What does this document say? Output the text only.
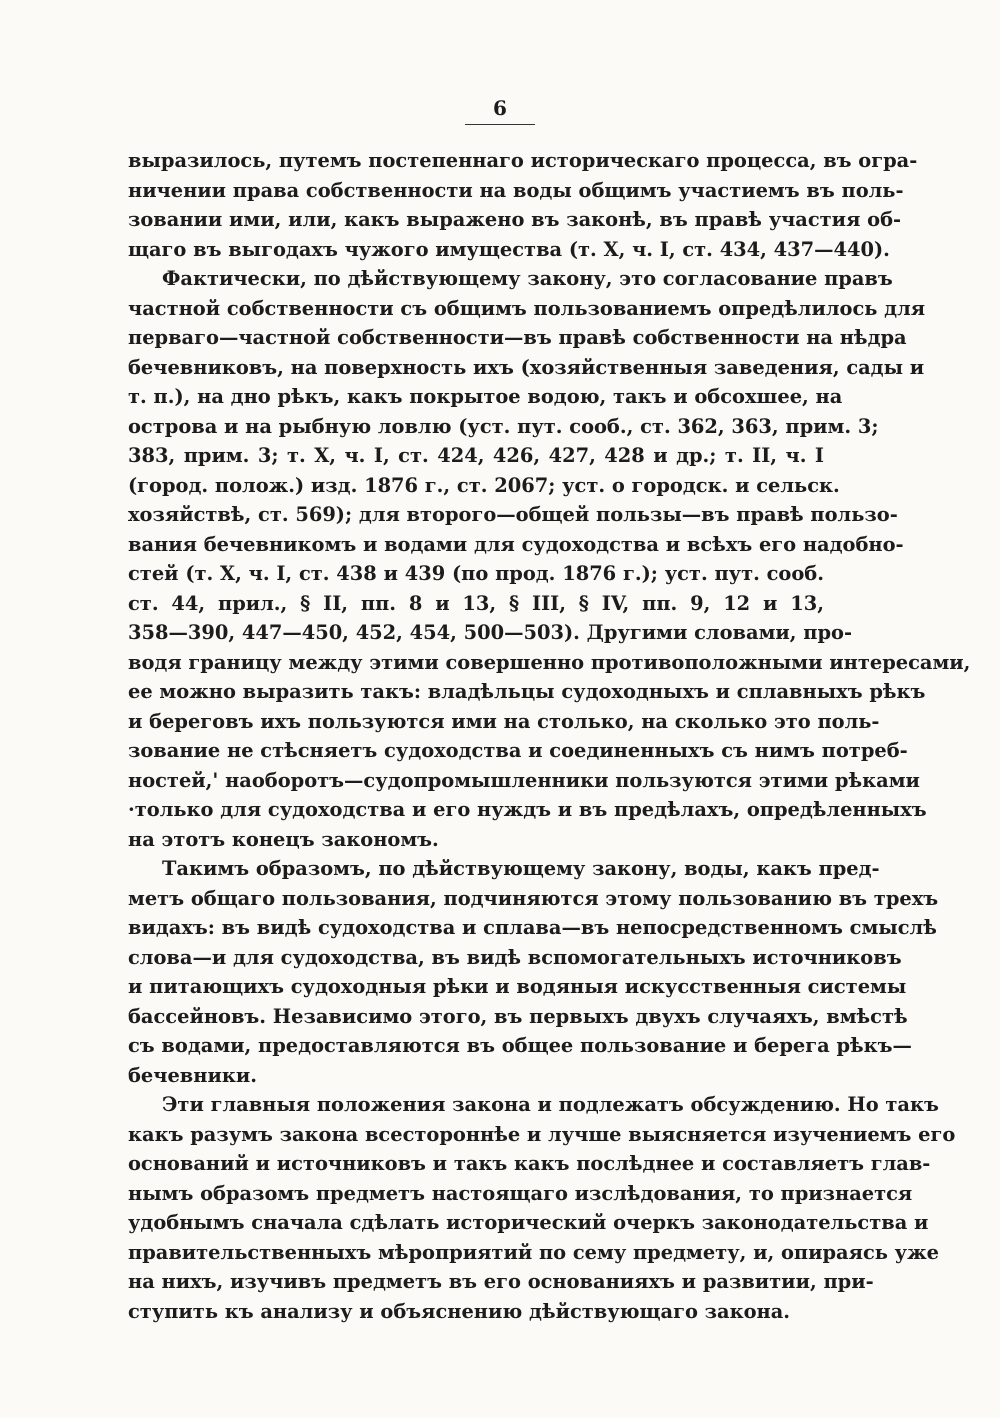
6
выразилось, путемъ постепеннаго историческаго процесса, въ огра-
ничении права собственности на воды общимъ участиемъ въ поль-
зовании ими, или, какъ выражено въ законѣ, въ правѣ участия об-
щаго въ выгодахъ чужого имущества (т. X, ч. I, ст. 434, 437—440).
Фактически, по дѣйствующему закону, это согласование правъ
частной собственности съ общимъ пользованиемъ опредѣлилось для
перваго—частной собственности—въ правѣ собственности на нѣдра
бечевниковъ, на поверхность ихъ (хозяйственныя заведения, сады и
т. п.), на дно рѣкъ, какъ покрытое водою, такъ и обсохшее, на
острова и на рыбную ловлю (уст. пут. сооб., ст. 362, 363, прим. 3;
383, прим. 3; т. X, ч. I, ст. 424, 426, 427, 428 и др.; т. II, ч. I
(город. полож.) изд. 1876 г., ст. 2067; уст. о городск. и сельск.
хозяйствѣ, ст. 569); для второго—общей пользы—въ правѣ пользо-
вания бечевникомъ и водами для судоходства и всѣхъ его надобно-
стей (т. X, ч. I, ст. 438 и 439 (по прод. 1876 г.); уст. пут. сооб.
ст. 44, прил., § II, пп. 8 и 13, § III, § IV, пп. 9, 12 и 13,
358—390, 447—450, 452, 454, 500—503). Другими словами, про-
водя границу между этими совершенно противоположными интересами,
ее можно выразить такъ: владѣльцы судоходныхъ и сплавныхъ рѣкъ
и береговъ ихъ пользуются ими на столько, на сколько это поль-
зование не стѣсняетъ судоходства и соединенныхъ съ нимъ потреб-
ностей,' наоборотъ—судопромышленники пользуются этими рѣками
·только для судоходства и его нуждъ и въ предѣлахъ, опредѣленныхъ
на этотъ конецъ закономъ.
Такимъ образомъ, по дѣйствующему закону, воды, какъ пред-
метъ общаго пользования, подчиняются этому пользованию въ трехъ
видахъ: въ видѣ судоходства и сплава—въ непосредственномъ смыслѣ
слова—и для судоходства, въ видѣ вспомогательныхъ источниковъ
и питающихъ судоходныя рѣки и водяныя искусственныя системы
бассейновъ. Независимо этого, въ первыхъ двухъ случаяхъ, вмѣстѣ
съ водами, предоставляются въ общее пользование и берега рѣкъ—
бечевники.
Эти главныя положения закона и подлежатъ обсуждению. Но такъ
какъ разумъ закона всестороннѣе и лучше выясняется изучениемъ его
оснований и источниковъ и такъ какъ послѣднее и составляетъ глав-
нымъ образомъ предметъ настоящаго изслѣдования, то признается
удобнымъ сначала сдѣлать исторический очеркъ законодательства и
правительственныхъ мѣроприятий по сему предмету, и, опираясь уже
на нихъ, изучивъ предметъ въ его основанияхъ и развитии, при-
ступить къ анализу и объяснению дѣйствующаго закона.
